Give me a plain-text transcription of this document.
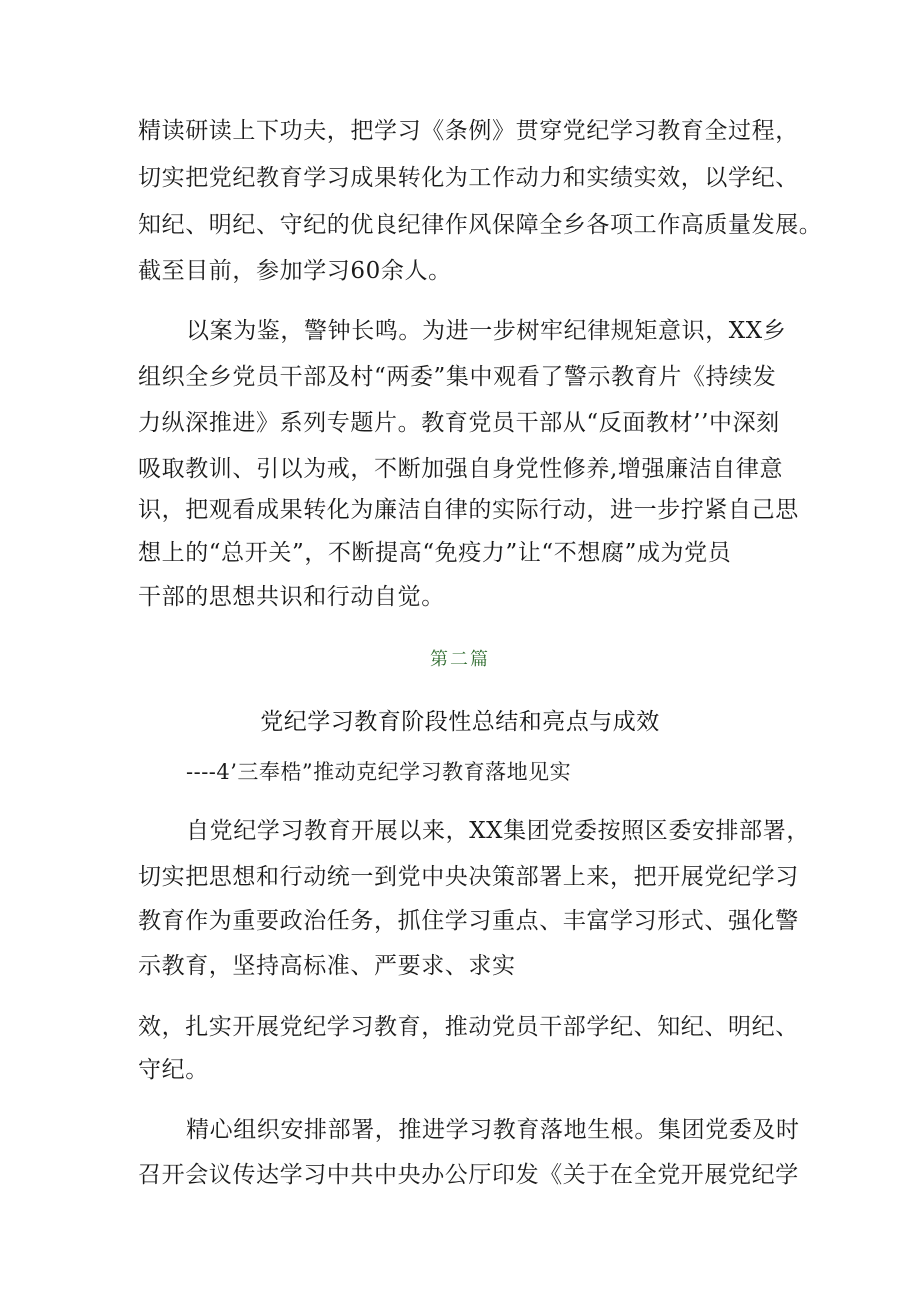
精读研读上下功夫，把学习《条例》贯穿党纪学习教育全过程，
切实把党纪教育学习成果转化为工作动力和实绩实效，以学纪、
知纪、明纪、守纪的优良纪律作风保障全乡各项工作高质量发展。
截至目前，参加学习60余人。
以案为鉴，警钟长鸣。为进一步树牢纪律规矩意识，XX乡
组织全乡党员干部及村“两委”集中观看了警示教育片《持续发
力纵深推进》系列专题片。教育党员干部从“反面教材’’中深刻
吸取教训、引以为戒，不断加强自身党性修养,增强廉洁自律意
识，把观看成果转化为廉洁自律的实际行动，进一步拧紧自己思
想上的“总开关”，不断提高“免疫力”让“不想腐”成为党员
干部的思想共识和行动自觉。
第二篇
党纪学习教育阶段性总结和亮点与成效
----4’三奉梏”推动克纪学习教育落地见实
自党纪学习教育开展以来，XX集团党委按照区委安排部署，
切实把思想和行动统一到党中央决策部署上来，把开展党纪学习
教育作为重要政治任务，抓住学习重点、丰富学习形式、强化警
示教育，坚持高标准、严要求、求实
效，扎实开展党纪学习教育，推动党员干部学纪、知纪、明纪、
守纪。
精心组织安排部署，推进学习教育落地生根。集团党委及时
召开会议传达学习中共中央办公厅印发《关于在全党开展党纪学
